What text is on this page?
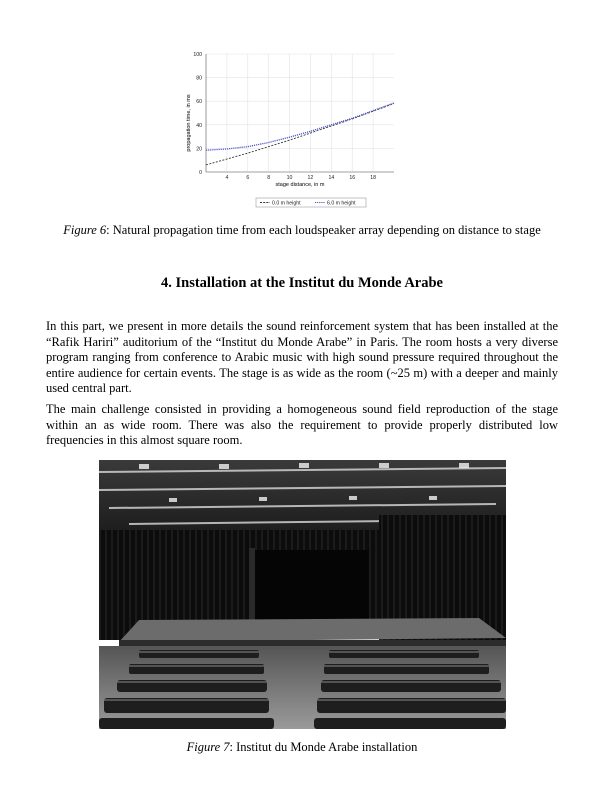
0
20
40
60
80
100
4	6	8	10	12	14	16	18
propagation time, in ms
stage distance, in m
0.0 m height	6.0 m height
Figure 6: Natural propagation time from each loudspeaker array depending on distance to stage
4. Installation at the Institut du Monde Arabe

In this part, we present in more details the sound reinforcement system that has been installed at the “Rafik Hariri” auditorium of the “Institut du Monde Arabe” in Paris. The room hosts a very diverse program ranging from conference to Arabic music with high sound pressure required throughout the entire audience for certain events. The stage is as wide as the room (~25 m) with a deeper and mainly used central part.

The main challenge consisted in providing a homogeneous sound field reproduction of the stage within an as wide room. There was also the requirement to provide properly distributed low frequencies in this almost square room.

Figure 7: Institut du Monde Arabe installation
